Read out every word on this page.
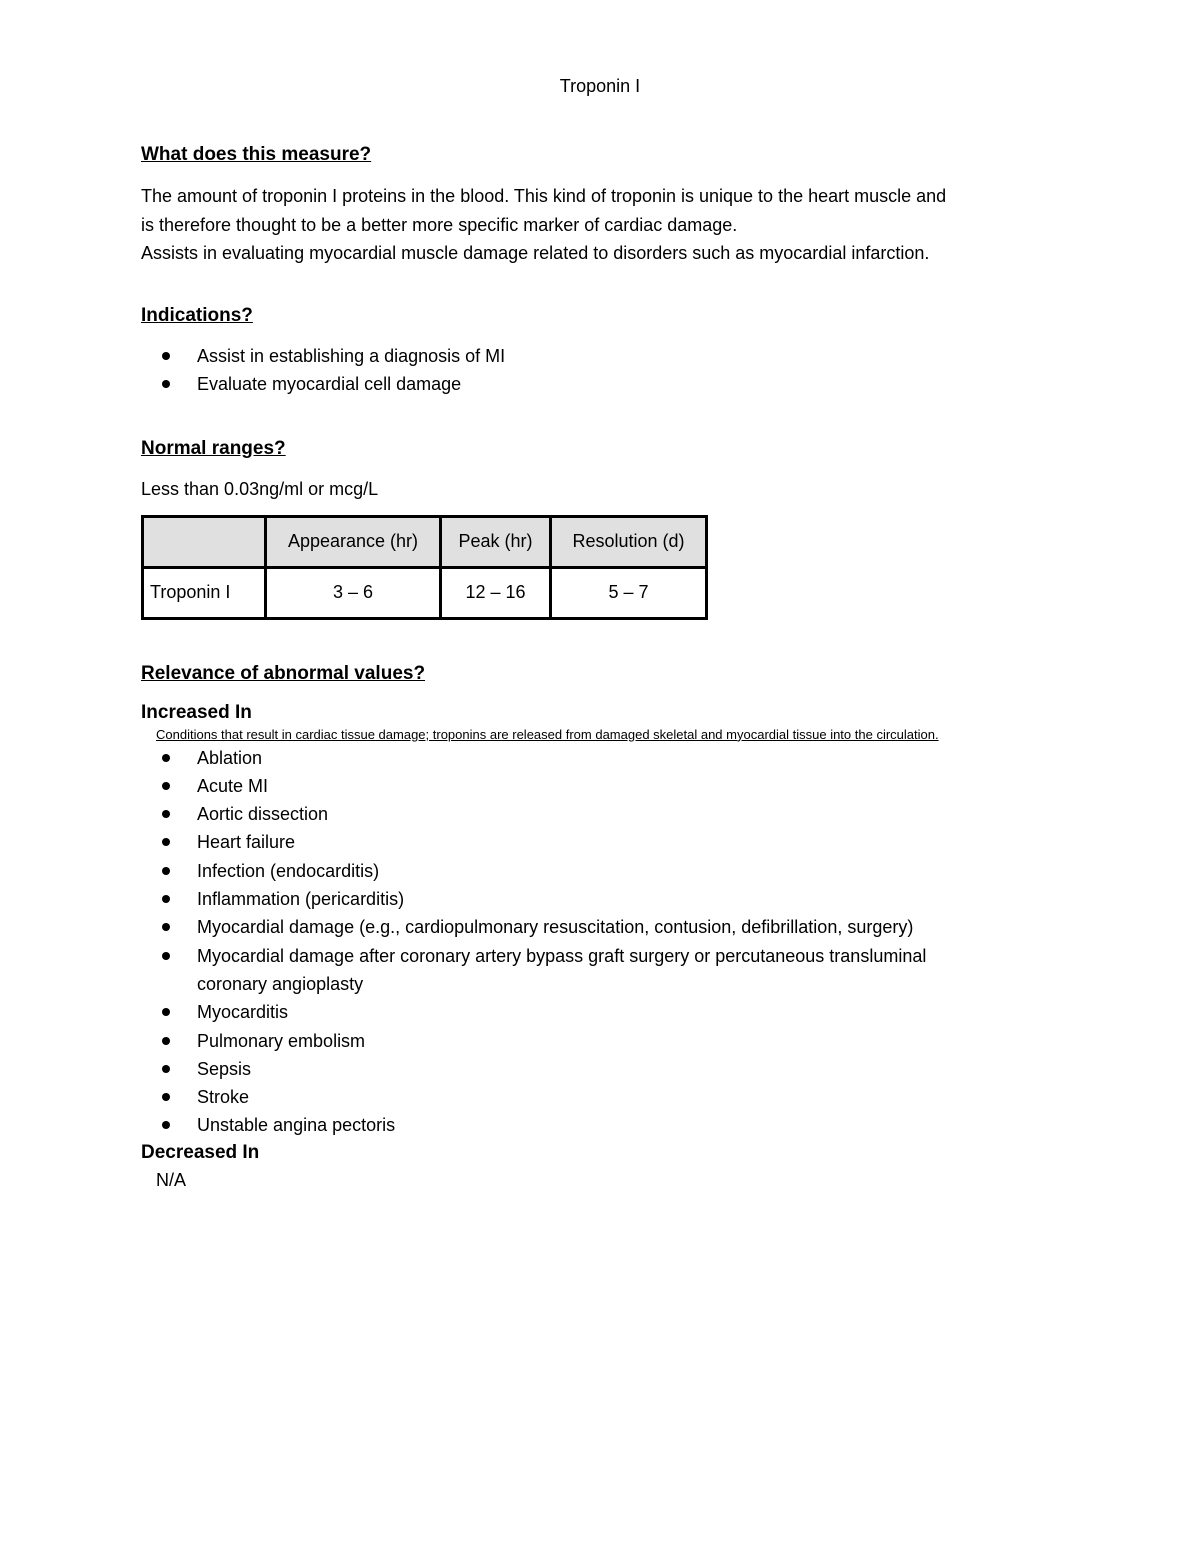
Troponin I

What does this measure?

The amount of troponin I proteins in the blood. This kind of troponin is unique to the heart muscle and

is therefore thought to be a better more specific marker of cardiac damage.

Assists in evaluating myocardial muscle damage related to disorders such as myocardial infarction.

Indications?

Assist in establishing a diagnosis of MI
Evaluate myocardial cell damage

Normal ranges?

Less than 0.03ng/ml or mcg/L

	Appearance (hr)	Peak (hr)	Resolution (d)
Troponin I	3 – 6	12 – 16	5 – 7

Relevance of abnormal values?

Increased In

Conditions that result in cardiac tissue damage; troponins are released from damaged skeletal and myocardial tissue into the circulation.

Ablation
Acute MI
Aortic dissection
Heart failure
Infection (endocarditis)
Inflammation (pericarditis)
Myocardial damage (e.g., cardiopulmonary resuscitation, contusion, defibrillation, surgery)
Myocardial damage after coronary artery bypass graft surgery or percutaneous transluminal coronary angioplasty
Myocarditis
Pulmonary embolism
Sepsis
Stroke
Unstable angina pectoris

Decreased In

N/A
